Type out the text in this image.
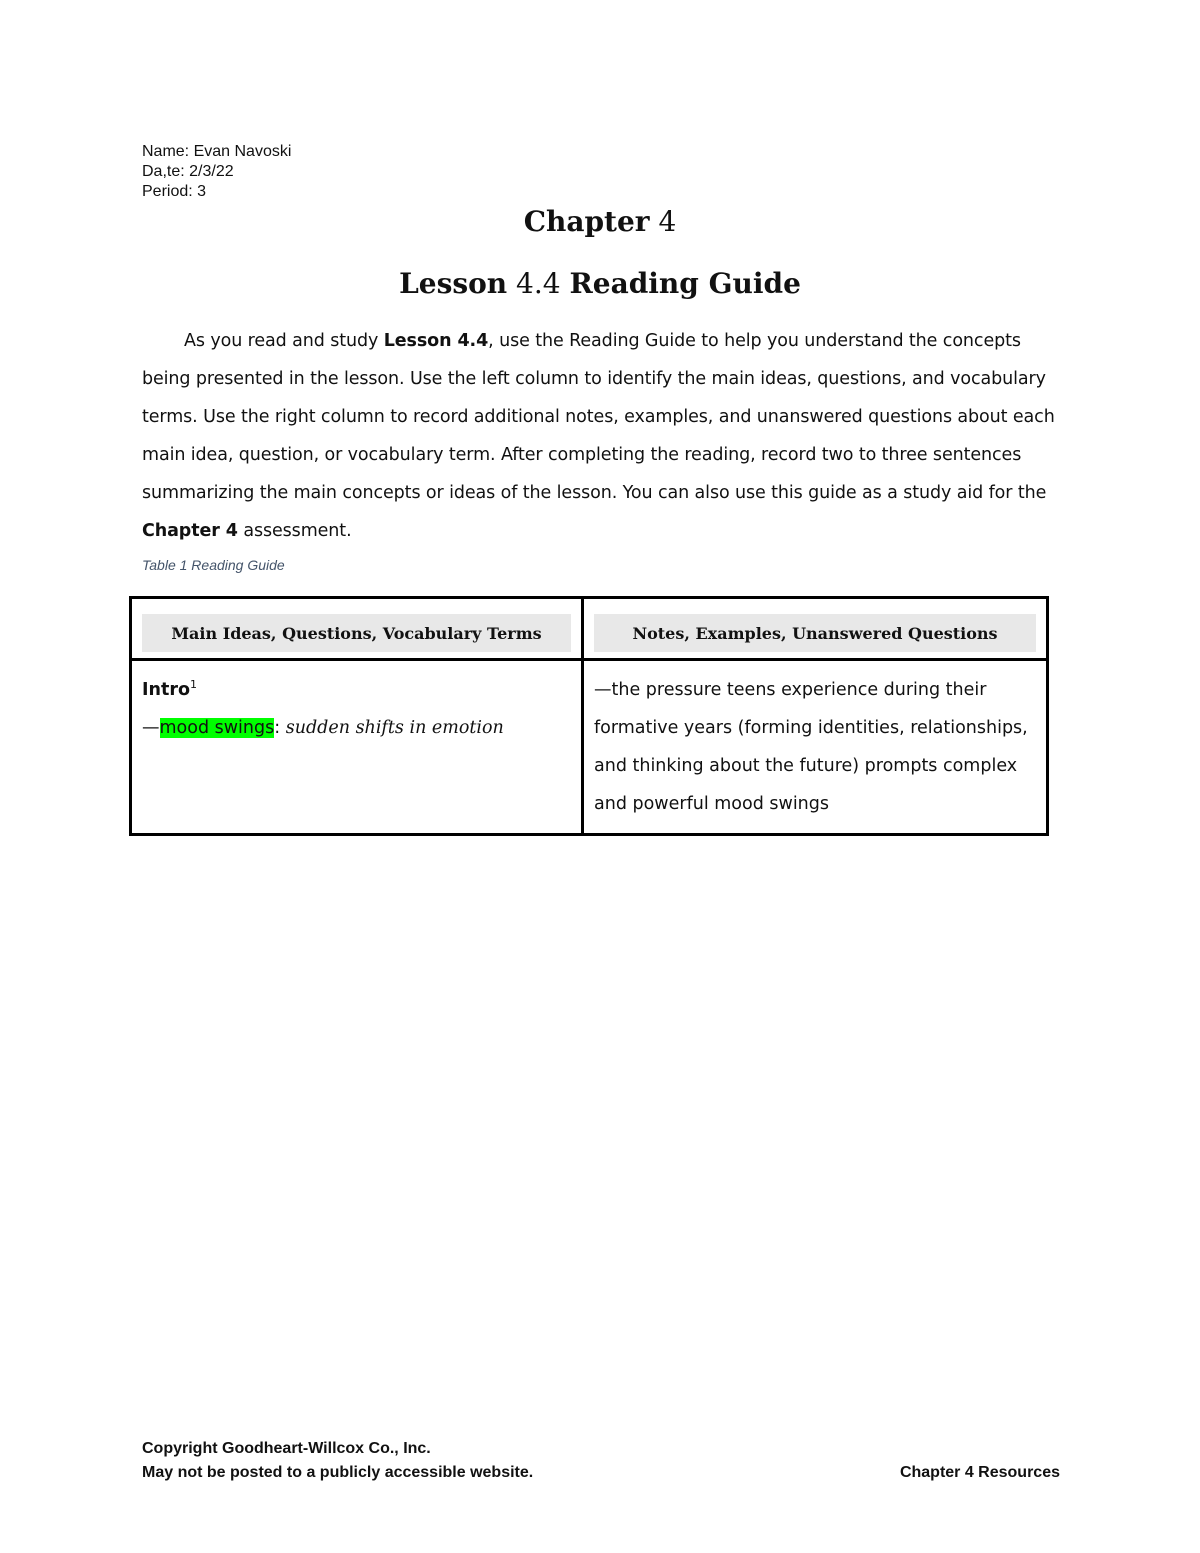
Name: Evan Navoski
Da,te: 2/3/22
Period: 3
Chapter 4
Lesson 4.4 Reading Guide
As you read and study Lesson 4.4, use the Reading Guide to help you understand the concepts being presented in the lesson. Use the left column to identify the main ideas, questions, and vocabulary terms. Use the right column to record additional notes, examples, and unanswered questions about each main idea, question, or vocabulary term. After completing the reading, record two to three sentences summarizing the main concepts or ideas of the lesson. You can also use this guide as a study aid for the Chapter 4 assessment.
Table 1 Reading Guide
Main Ideas, Questions, Vocabulary Terms	Notes, Examples, Unanswered Questions
Intro$^1$
—mood swings: sudden shifts in emotion
—the pressure teens experience during their formative years (forming identities, relationships, and thinking about the future) prompts complex and powerful mood swings
Copyright Goodheart-Willcox Co., Inc.
May not be posted to a publicly accessible website.	Chapter 4 Resources
